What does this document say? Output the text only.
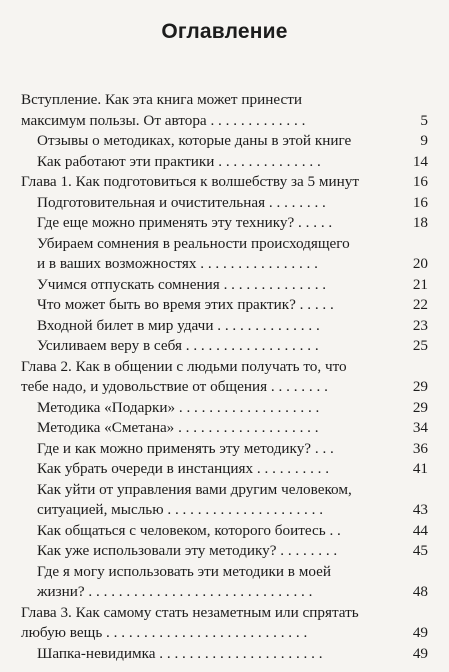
Оглавление
Вступление. Как эта книга может принести
максимум пользы. От автора . . . . . . . . . . . . .	5
Отзывы о методиках, которые даны в этой книге	9
Как работают эти практики . . . . . . . . . . . . . .	14
Глава 1. Как подготовиться к волшебству за 5 минут	16
Подготовительная и очистительная . . . . . . . .	16
Где еще можно применять эту технику? . . . . .	18
Убираем сомнения в реальности происходящего
и в ваших возможностях . . . . . . . . . . . . . . . .	20
Учимся отпускать сомнения . . . . . . . . . . . . . .	21
Что может быть во время этих практик? . . . . .	22
Входной билет в мир удачи . . . . . . . . . . . . . .	23
Усиливаем веру в себя . . . . . . . . . . . . . . . . . .	25
Глава 2. Как в общении с людьми получать то, что
тебе надо, и удовольствие от общения . . . . . . . .	29
Методика «Подарки» . . . . . . . . . . . . . . . . . . .	29
Методика «Сметана» . . . . . . . . . . . . . . . . . . .	34
Где и как можно применять эту методику? . . .	36
Как убрать очереди в инстанциях . . . . . . . . . .	41
Как уйти от управления вами другим человеком,
ситуацией, мыслью . . . . . . . . . . . . . . . . . . . . .	43
Как общаться с человеком, которого боитесь . .	44
Как уже использовали эту методику? . . . . . . . .	45
Где я могу использовать эти методики в моей
жизни? . . . . . . . . . . . . . . . . . . . . . . . . . . . . . .	48
Глава 3. Как самому стать незаметным или спрятать
любую вещь . . . . . . . . . . . . . . . . . . . . . . . . . . .	49
Шапка-невидимка . . . . . . . . . . . . . . . . . . . . . .	49
